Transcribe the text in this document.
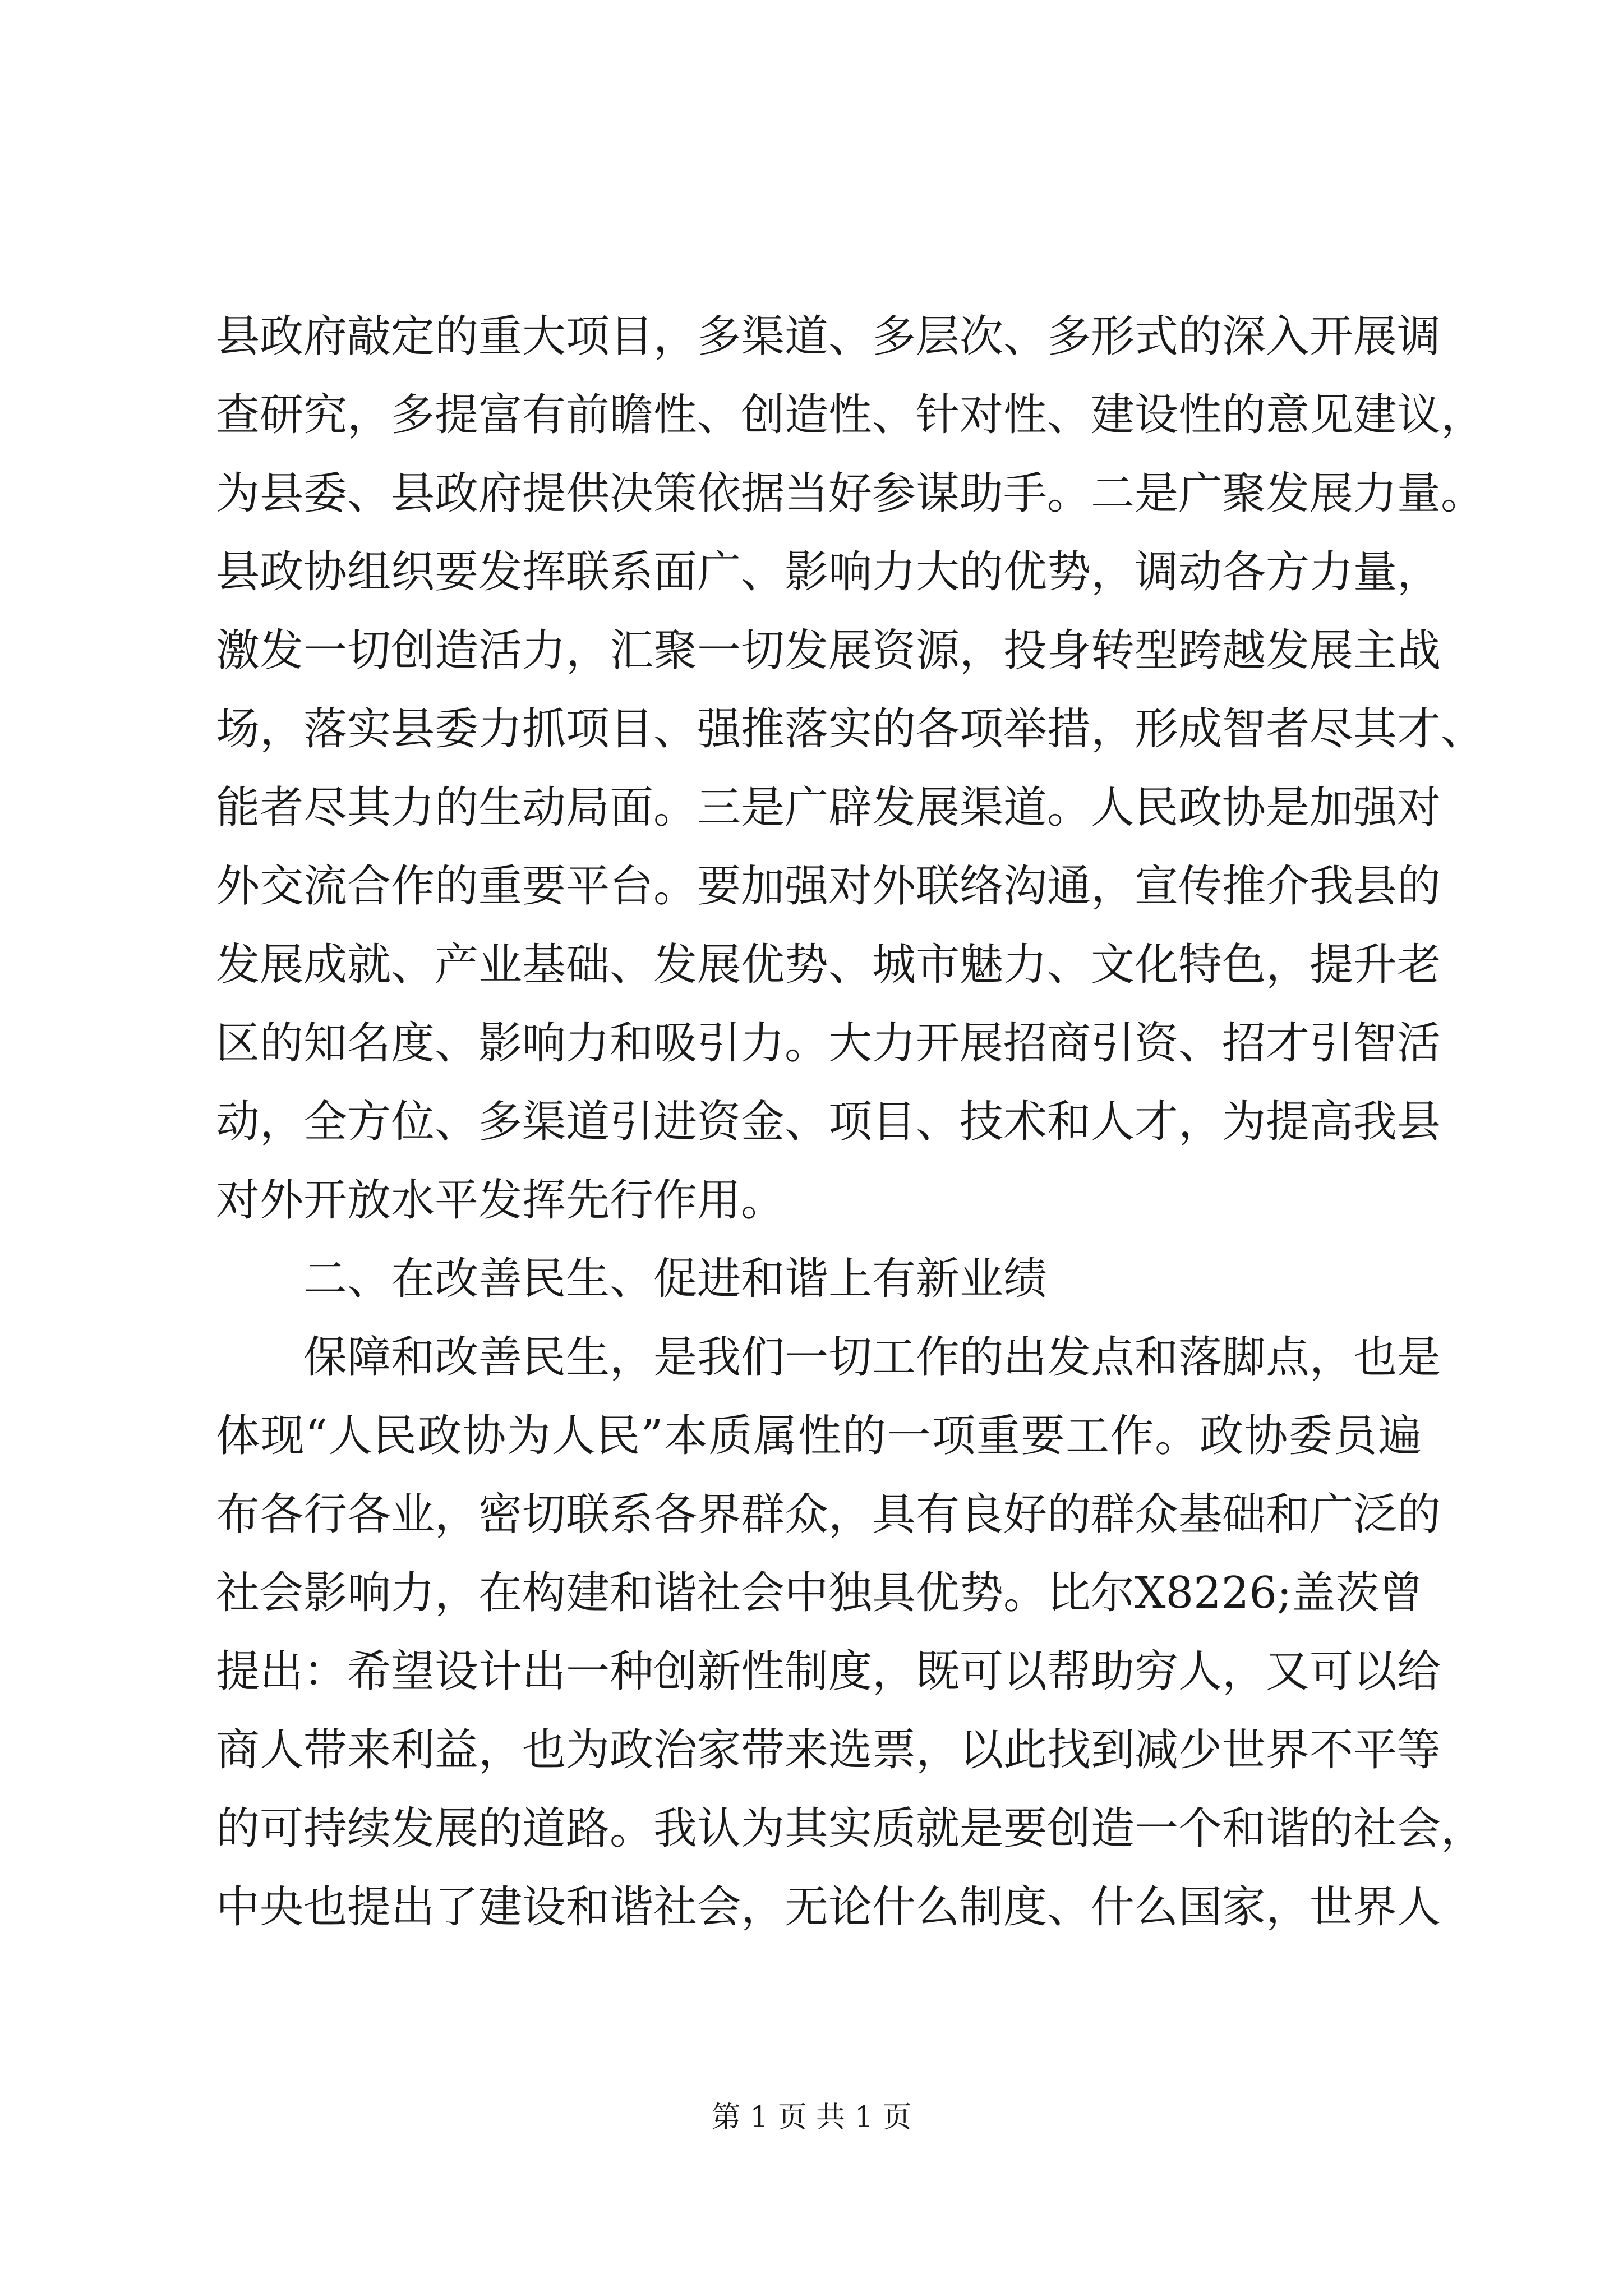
县政府敲定的重大项目，多渠道、多层次、多形式的深入开展调
查研究，多提富有前瞻性、创造性、针对性、建设性的意见建议，
为县委、县政府提供决策依据当好参谋助手。二是广聚发展力量。
县政协组织要发挥联系面广、影响力大的优势，调动各方力量，
激发一切创造活力，汇聚一切发展资源，投身转型跨越发展主战
场，落实县委力抓项目、强推落实的各项举措，形成智者尽其才、
能者尽其力的生动局面。三是广辟发展渠道。人民政协是加强对
外交流合作的重要平台。要加强对外联络沟通，宣传推介我县的
发展成就、产业基础、发展优势、城市魅力、文化特色，提升老
区的知名度、影响力和吸引力。大力开展招商引资、招才引智活
动，全方位、多渠道引进资金、项目、技术和人才，为提高我县
对外开放水平发挥先行作用。
二、在改善民生、促进和谐上有新业绩
保障和改善民生，是我们一切工作的出发点和落脚点，也是
体现“人民政协为人民”本质属性的一项重要工作。政协委员遍
布各行各业，密切联系各界群众，具有良好的群众基础和广泛的
社会影响力，在构建和谐社会中独具优势。比尔X8226;盖茨曾
提出：希望设计出一种创新性制度，既可以帮助穷人，又可以给
商人带来利益，也为政治家带来选票，以此找到减少世界不平等
的可持续发展的道路。我认为其实质就是要创造一个和谐的社会，
中央也提出了建设和谐社会，无论什么制度、什么国家，世界人
第 1 页 共 1 页
